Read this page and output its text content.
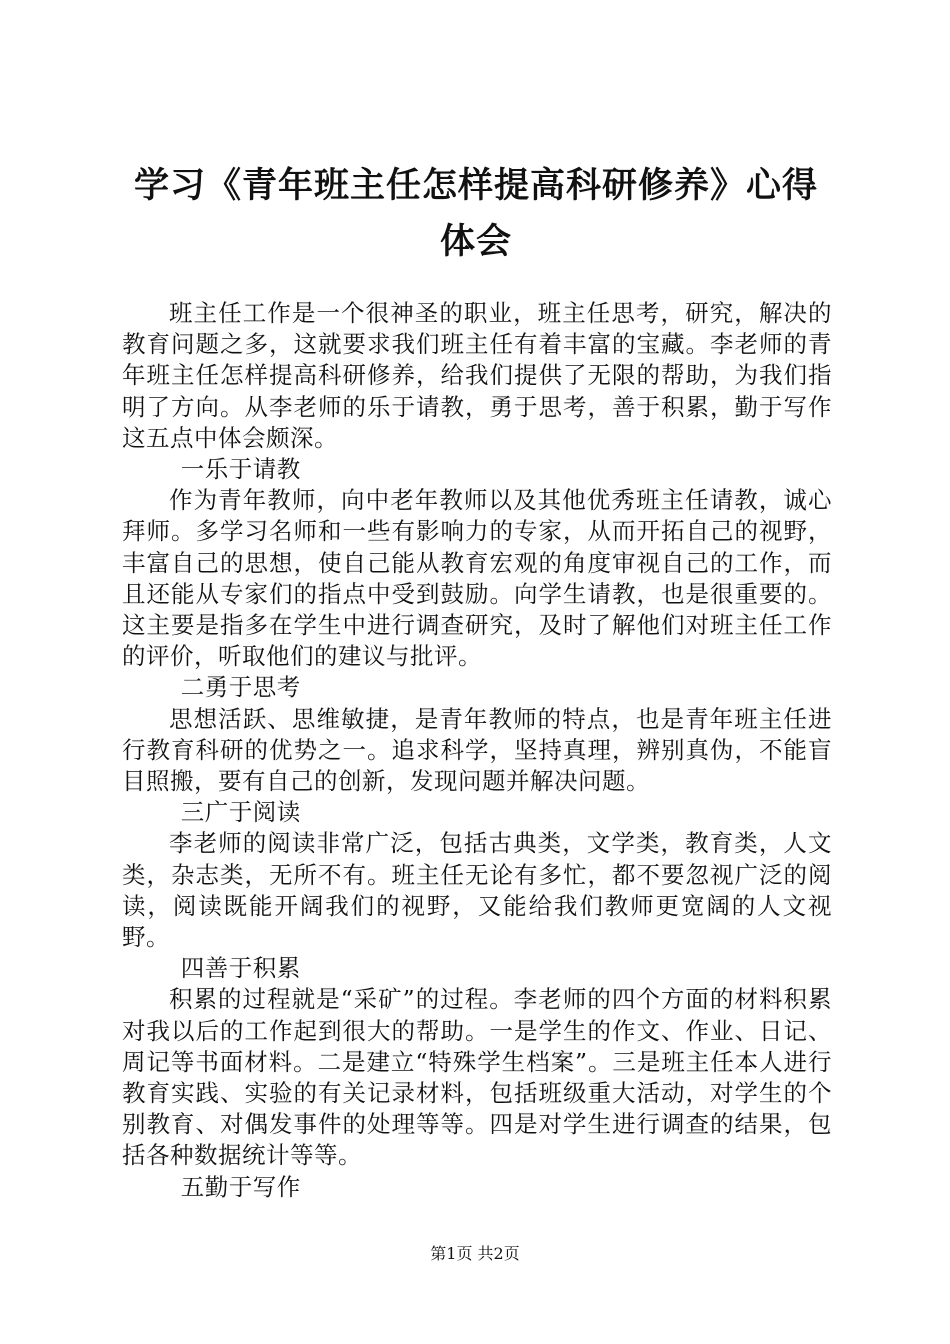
学习《青年班主任怎样提高科研修养》心得体会

班主任工作是一个很神圣的职业，班主任思考，研究，解决的教育问题之多，这就要求我们班主任有着丰富的宝藏。李老师的青年班主任怎样提高科研修养，给我们提供了无限的帮助，为我们指明了方向。从李老师的乐于请教，勇于思考，善于积累，勤于写作这五点中体会颇深。

一乐于请教

作为青年教师，向中老年教师以及其他优秀班主任请教，诚心拜师。多学习名师和一些有影响力的专家，从而开拓自己的视野，丰富自己的思想，使自己能从教育宏观的角度审视自己的工作，而且还能从专家们的指点中受到鼓励。向学生请教，也是很重要的。这主要是指多在学生中进行调查研究，及时了解他们对班主任工作的评价，听取他们的建议与批评。

二勇于思考

思想活跃、思维敏捷，是青年教师的特点，也是青年班主任进行教育科研的优势之一。追求科学，坚持真理，辨别真伪，不能盲目照搬，要有自己的创新，发现问题并解决问题。

三广于阅读

李老师的阅读非常广泛，包括古典类，文学类，教育类，人文类，杂志类，无所不有。班主任无论有多忙，都不要忽视广泛的阅读，阅读既能开阔我们的视野，又能给我们教师更宽阔的人文视野。

四善于积累

积累的过程就是“采矿”的过程。李老师的四个方面的材料积累对我以后的工作起到很大的帮助。一是学生的作文、作业、日记、周记等书面材料。二是建立“特殊学生档案”。三是班主任本人进行教育实践、实验的有关记录材料，包括班级重大活动，对学生的个别教育、对偶发事件的处理等等。四是对学生进行调查的结果，包括各种数据统计等等。

五勤于写作

第1页 共2页
